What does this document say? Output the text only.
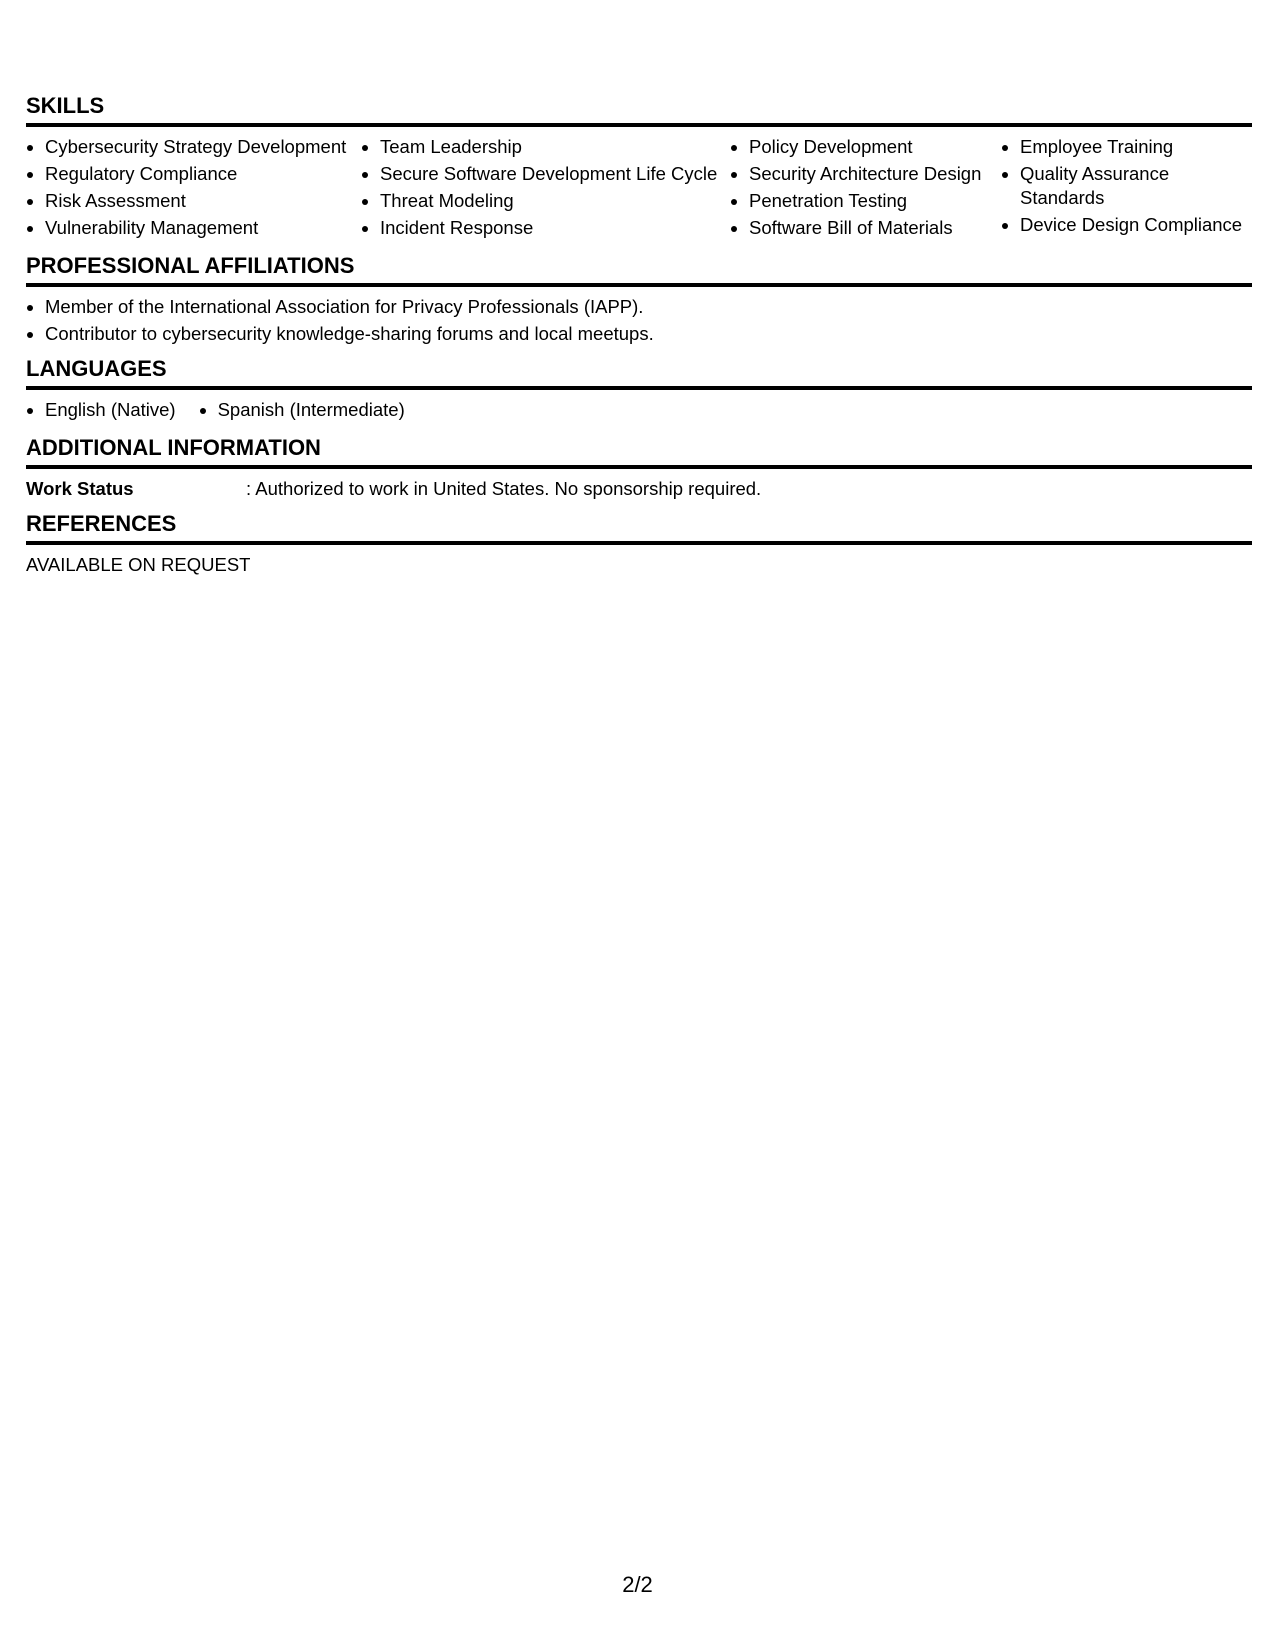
SKILLS
Cybersecurity Strategy Development
Regulatory Compliance
Risk Assessment
Vulnerability Management
Team Leadership
Secure Software Development Life Cycle
Threat Modeling
Incident Response
Policy Development
Security Architecture Design
Penetration Testing
Software Bill of Materials
Employee Training
Quality Assurance Standards
Device Design Compliance
PROFESSIONAL AFFILIATIONS
Member of the International Association for Privacy Professionals (IAPP).
Contributor to cybersecurity knowledge-sharing forums and local meetups.
LANGUAGES
English (Native)	Spanish (Intermediate)
ADDITIONAL INFORMATION
Work Status	: Authorized to work in United States. No sponsorship required.
REFERENCES
AVAILABLE ON REQUEST
2/2
